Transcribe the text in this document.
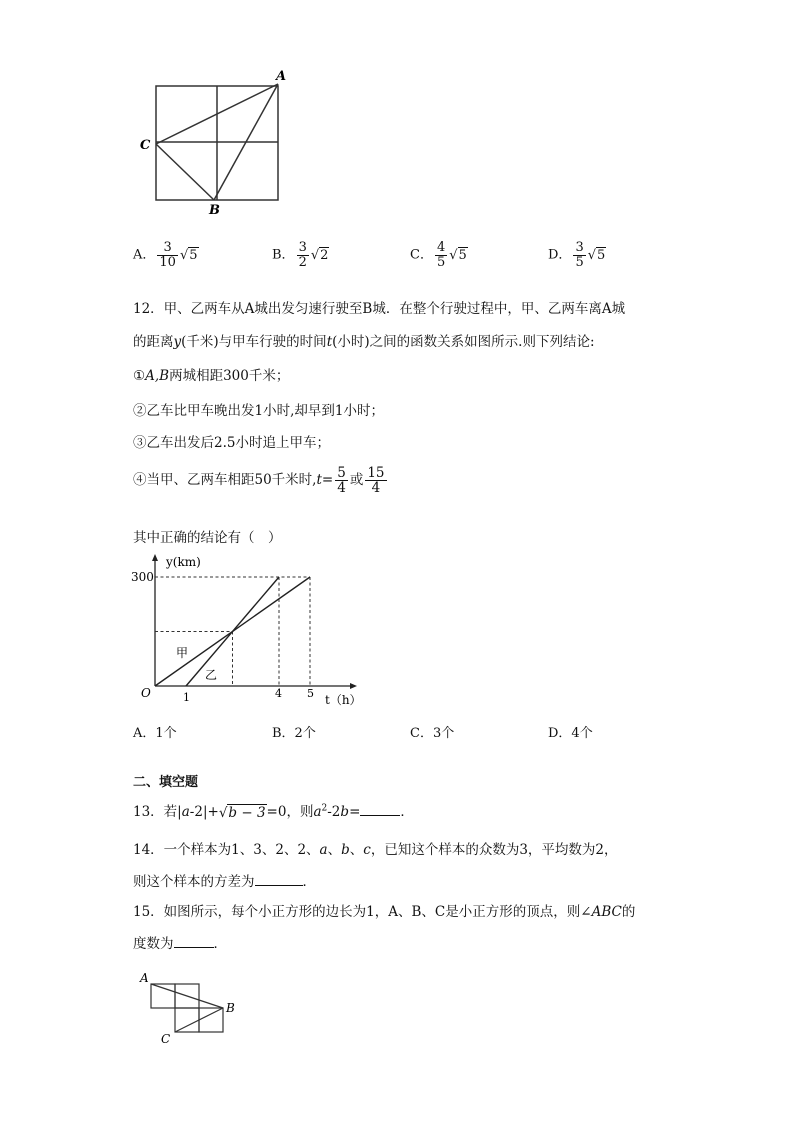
A
C
B
A． $\frac{3}{10} √5$	B． $\frac{3}{2} √2$	C． $\frac{4}{5} √5$	D． $\frac{3}{5} √5$
12．甲、乙两车从A城出发匀速行驶至B城．在整个行驶过程中，甲、乙两车离A城
的距离y(千米)与甲车行驶的时间t(小时)之间的函数关系如图所示.则下列结论:
①A,B两城相距300千米；
②乙车比甲车晚出发1小时,却早到1小时；
③乙车出发后2.5小时追上甲车；
④当甲、乙两车相距50千米时$,t= \frac{5}{4}$ 或 $\frac{15}{4}$
其中正确的结论有（　）
甲
乙
300
1	4 5
y(km)
t（h）
O
A．1个	B．2个	C．3个	D．4个
二、填空题
13．若|a-2|+√b − 3=0，则$a^2-2b=$	．
14．一个样本为1、3、2、2、a、b、c，已知这个样本的众数为3，平均数为2，
则这个样本的方差为	．
15．如图所示，每个小正方形的边长为1，A、B、C是小正方形的顶点，则∠ABC的
度数为	．
A
B
C
